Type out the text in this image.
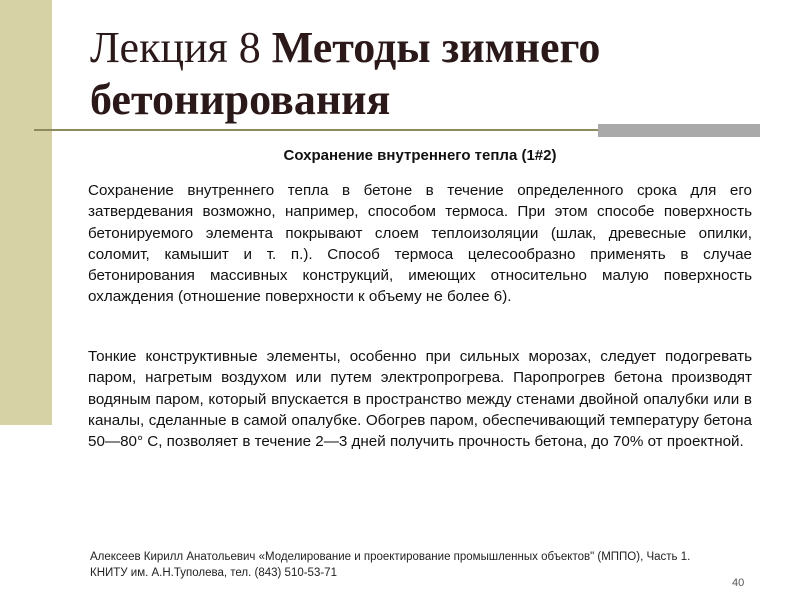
Лекция 8 Методы зимнего бетонирования

Сохранение внутреннего тепла (1#2)

Сохранение внутреннего тепла в бетоне в течение определенного срока для его затвердевания возможно, например, способом термоса. При этом способе поверхность бетонируемого элемента покрывают слоем теплоизоляции (шлак, древесные опилки, соломит, камышит и т. п.). Способ термоса целесообразно применять в случае бетонирования массивных конструкций, имеющих относительно малую поверхность охлаждения (отношение поверхности к объему не более 6).

Тонкие конструктивные элементы, особенно при сильных морозах, следует подогревать паром, нагретым воздухом или путем электропрогрева. Паропрогрев бетона производят водяным паром, который впускается в пространство между стенами двойной опалубки или в каналы, сделанные в самой опалубке. Обогрев паром, обеспечивающий температуру бетона 50—80° С, позволяет в течение 2—3 дней получить прочность бетона, до 70% от проектной.

Алексеев Кирилл Анатольевич «Моделирование и проектирование промышленных объектов" (МППО), Часть 1.
КНИТУ им. А.Н.Туполева, тел. (843) 510-53-71
40
